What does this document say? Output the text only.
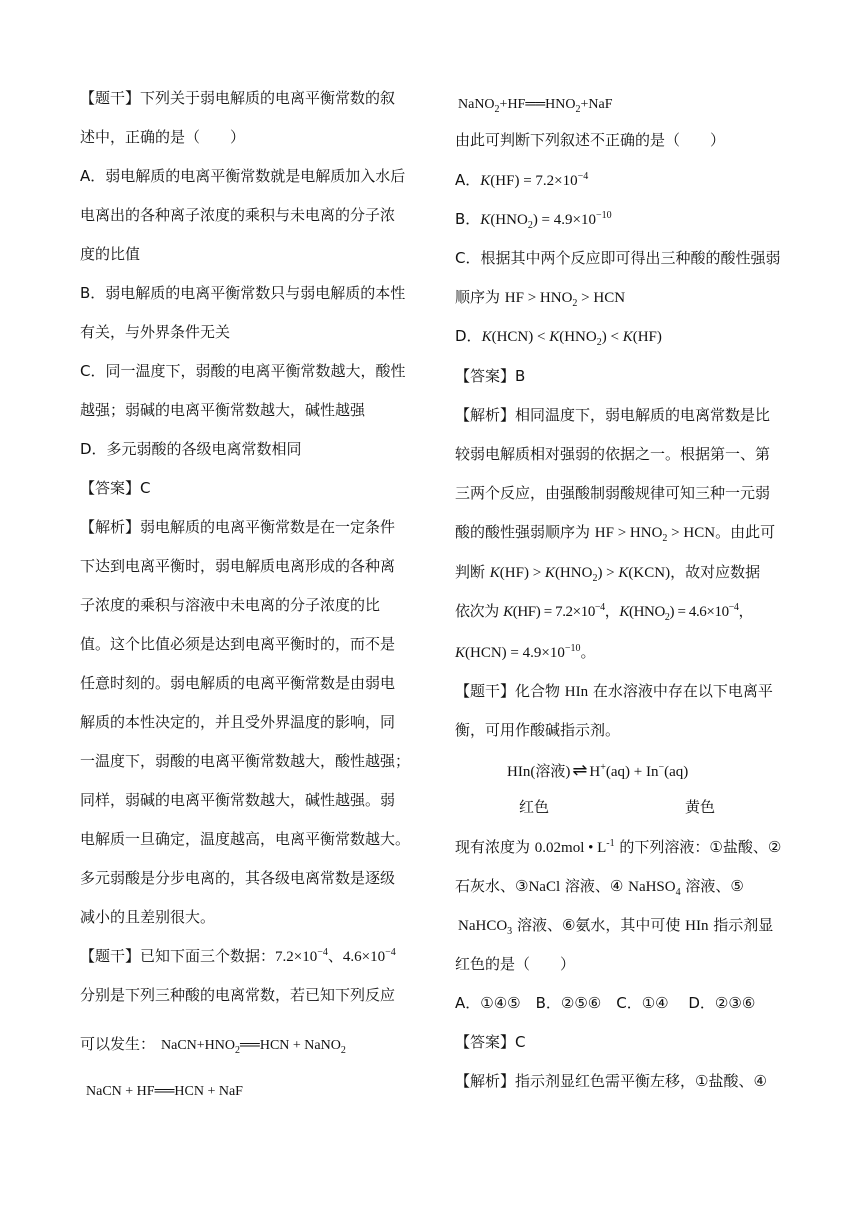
【题干】下列关于弱电解质的电离平衡常数的叙
述中，正确的是（　　）
A．弱电解质的电离平衡常数就是电解质加入水后
电离出的各种离子浓度的乘积与未电离的分子浓
度的比值
B．弱电解质的电离平衡常数只与弱电解质的本性
有关，与外界条件无关
C．同一温度下，弱酸的电离平衡常数越大，酸性
越强；弱碱的电离平衡常数越大，碱性越强
D．多元弱酸的各级电离常数相同
【答案】C
【解析】弱电解质的电离平衡常数是在一定条件
下达到电离平衡时，弱电解质电离形成的各种离
子浓度的乘积与溶液中未电离的分子浓度的比
值。这个比值必须是达到电离平衡时的，而不是
任意时刻的。弱电解质的电离平衡常数是由弱电
解质的本性决定的，并且受外界温度的影响，同
一温度下，弱酸的电离平衡常数越大，酸性越强；
同样，弱碱的电离平衡常数越大，碱性越强。弱
电解质一旦确定，温度越高，电离平衡常数越大。
多元弱酸是分步电离的，其各级电离常数是逐级
减小的且差别很大。
【题干】已知下面三个数据：$7.2\times 10^{-4}$、$4.6\times 10^{-4}$
分别是下列三种酸的电离常数，若已知下列反应
可以发生： $NaCN+HNO_2══HCN$ + NaNO$_2$
NaCN + HF══HCN + NaF
$NaNO_2+HF══HNO_2+NaF$
由此可判断下列叙述不正确的是（　　）
A．$K(HF) = 7.2\times 10^{-4}$
B．$K(HNO_2) = 4.9\times 10^{-10}$
C．根据其中两个反应即可得出三种酸的酸性强弱
顺序为 HF > $HNO_2$ > HCN
D．$K(HCN) < K(HNO_2) < K(HF)$
【答案】B
【解析】相同温度下，弱电解质的电离常数是比
较弱电解质相对强弱的依据之一。根据第一、第
三两个反应，由强酸制弱酸规律可知三种一元弱
酸的酸性强弱顺序为 HF > $HNO_2$ > HCN。由此可
判断 $K(HF) > K(HNO_2) > K(KCN)$，故对应数据
依次为 $K(HF) = 7.2\times 10^{-4}$，$K(HNO_2) = 4.6\times 10^{-4}$，
$K(HCN) = 4.9\times 10^{-10}$。
【题干】化合物 HIn 在水溶液中存在以下电离平
衡，可用作酸碱指示剂。
HIn(溶液) ⇌ H+(aq) + In−(aq)
红色	黄色
现有浓度为 0.02mol • $L^{-1}$ 的下列溶液：①盐酸、②
石灰水、③NaCl 溶液、④ NaHSO$_4$ 溶液、⑤
NaHCO$_3$ 溶液、⑥氨水，其中可使 HIn 指示剂显
红色的是（　　）
A．①④⑤　B．②⑤⑥　C．①④　 D．②③⑥
【答案】C
【解析】指示剂显红色需平衡左移，①盐酸、④
